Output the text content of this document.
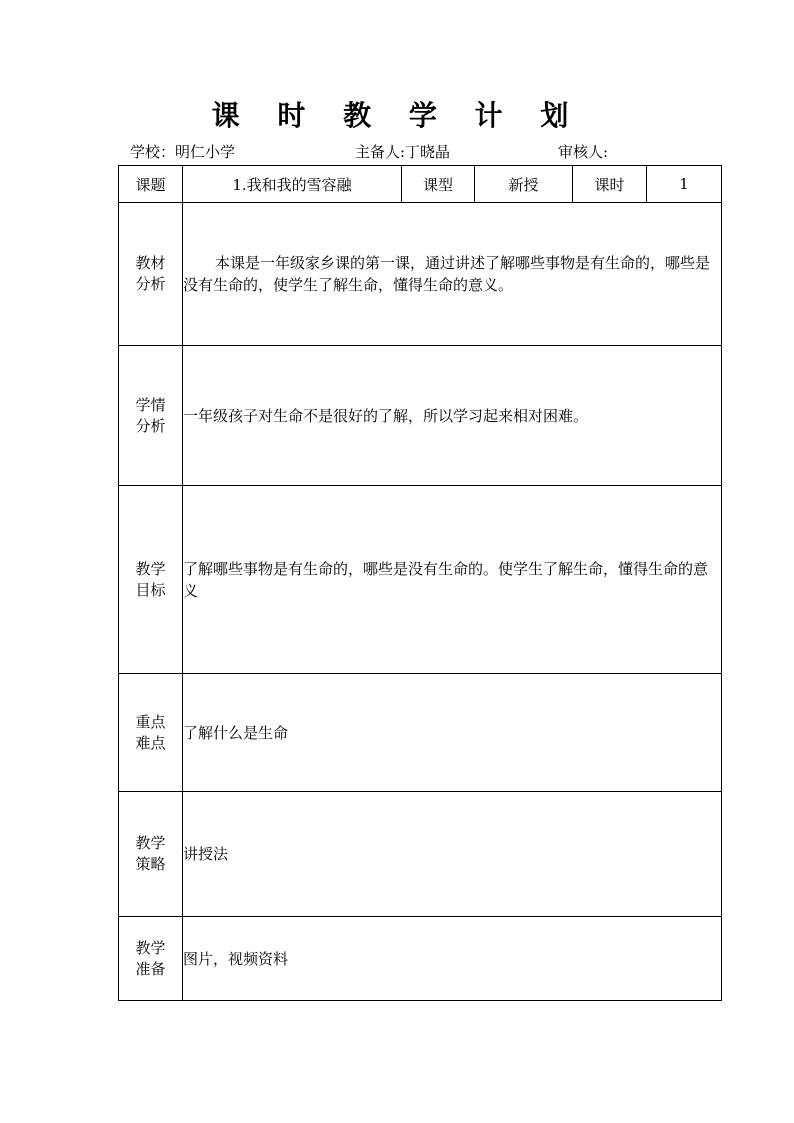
课 时 教 学 计 划
学校：明仁小学	主备人:丁晓晶	审核人:
课题	1.我和我的雪容融	课型	新授	课时	1

教材
分析	本课是一年级家乡课的第一课，通过讲述了解哪些事物是有生命的，哪些是没有生命的，使学生了解生命，懂得生命的意义。				

学情
分析	一年级孩子对生命不是很好的了解，所以学习起来相对困难。				

教学
目标	了解哪些事物是有生命的，哪些是没有生命的。使学生了解生命，懂得生命的意义				

重点
难点	了解什么是生命				

教学
策略	讲授法				

教学
准备	图片，视频资料				
